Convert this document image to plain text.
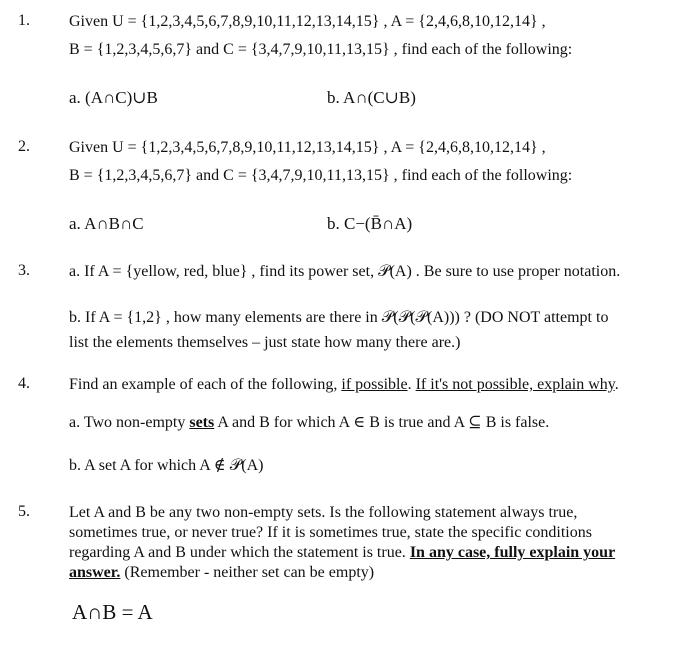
1. Given U = {1,2,3,4,5,6,7,8,9,10,11,12,13,14,15} , A = {2,4,6,8,10,12,14} ,
B = {1,2,3,4,5,6,7} and C = {3,4,7,9,10,11,13,15} , find each of the following:
a. (A∩C)∪B	b. A∩(C∪B)
2. Given U = {1,2,3,4,5,6,7,8,9,10,11,12,13,14,15} , A = {2,4,6,8,10,12,14} ,
B = {1,2,3,4,5,6,7} and C = {3,4,7,9,10,11,13,15} , find each of the following:
a. A∩B∩C	b. C−(B̄∩A)
3. a. If A = {yellow, red, blue} , find its power set, 𝒫(A) . Be sure to use proper notation.
b. If A = {1,2} , how many elements are there in 𝒫(𝒫(𝒫(A))) ? (DO NOT attempt to
list the elements themselves – just state how many there are.)
4. Find an example of each of the following, if possible. If it's not possible, explain why.
a. Two non-empty sets A and B for which A ∈ B is true and A ⊆ B is false.
b. A set A for which A ∉ 𝒫(A)
5. Let A and B be any two non-empty sets. Is the following statement always true,
sometimes true, or never true? If it is sometimes true, state the specific conditions
regarding A and B under which the statement is true. In any case, fully explain your
answer. (Remember - neither set can be empty)
A∩B = A
